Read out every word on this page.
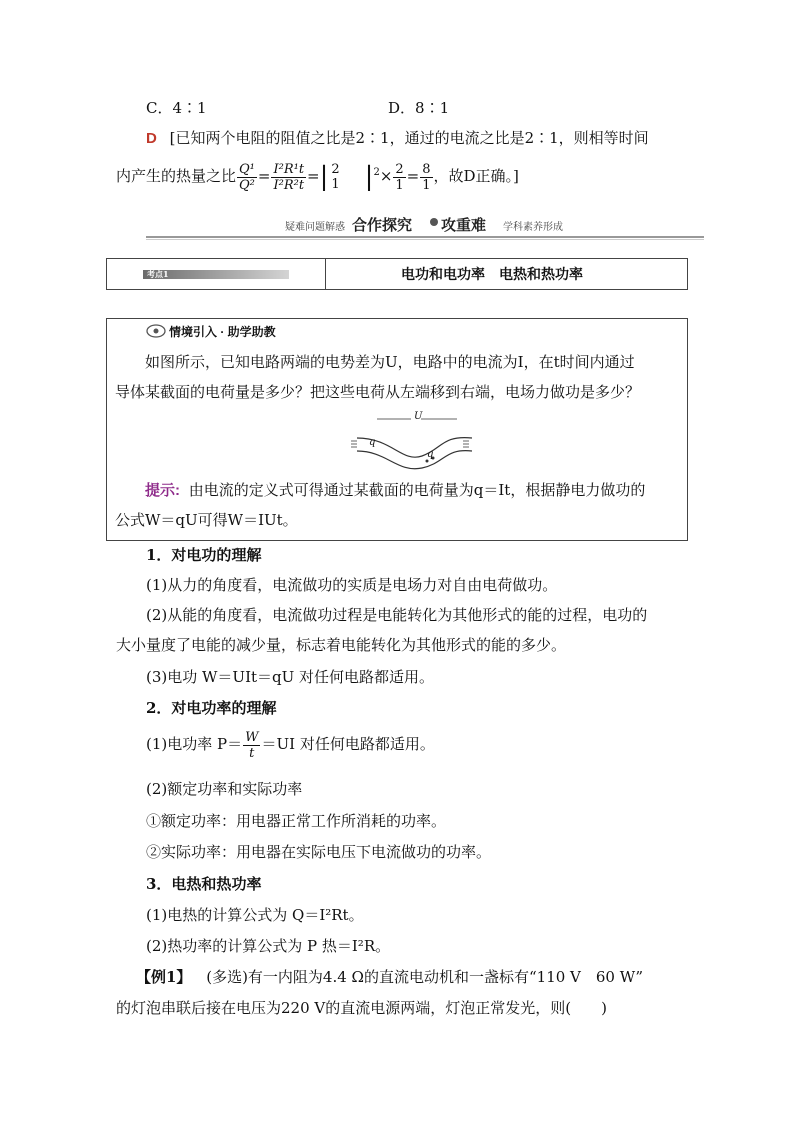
C．4∶1	D．8∶1
D [已知两个电阻的阻值之比是2∶1，通过的电流之比是2∶1，则相等时间
内产生的热量之比 $\frac{\text{Q¹}}{\text{Q²}} = \frac{\text{I²R¹t}}{\text{I²R²t}}$ =| 2
1 $|^2\times \frac{2}{1} = \frac{8}{1}$ ，故D正确。]
疑难问题解惑 合作探究 攻重难 学科素养形成
考点1	电功和电功率　电热和热功率
情境引入 · 助学助教
如图所示，已知电路两端的电势差为U，电路中的电流为I，在t时间内通过
导体某截面的电荷量是多少？把这些电荷从左端移到右端，电场力做功是多少？
U
q
q
提示: 由电流的定义式可得通过某截面的电荷量为q＝It，根据静电力做功的
公式W＝qU可得W＝IUt。
1．对电功的理解
(1)从力的角度看，电流做功的实质是电场力对自由电荷做功。
(2)从能的角度看，电流做功过程是电能转化为其他形式的能的过程，电功的
大小量度了电能的减少量，标志着电能转化为其他形式的能的多少。
(3)电功 W＝UIt＝qU 对任何电路都适用。
2．对电功率的理解
(1)电功率 $P= \frac{W}{t} =UI$ 对任何电路都适用。
(2)额定功率和实际功率
①额定功率：用电器正常工作所消耗的功率。
②实际功率：用电器在实际电压下电流做功的功率。
3．电热和热功率
(1)电热的计算公式为 Q＝I²Rt。
(2)热功率的计算公式为 P 热＝I²R。
【例1】 (多选)有一内阻为4.4 Ω的直流电动机和一盏标有“110 V　60 W”
的灯泡串联后接在电压为220 V的直流电源两端，灯泡正常发光，则(　　)
